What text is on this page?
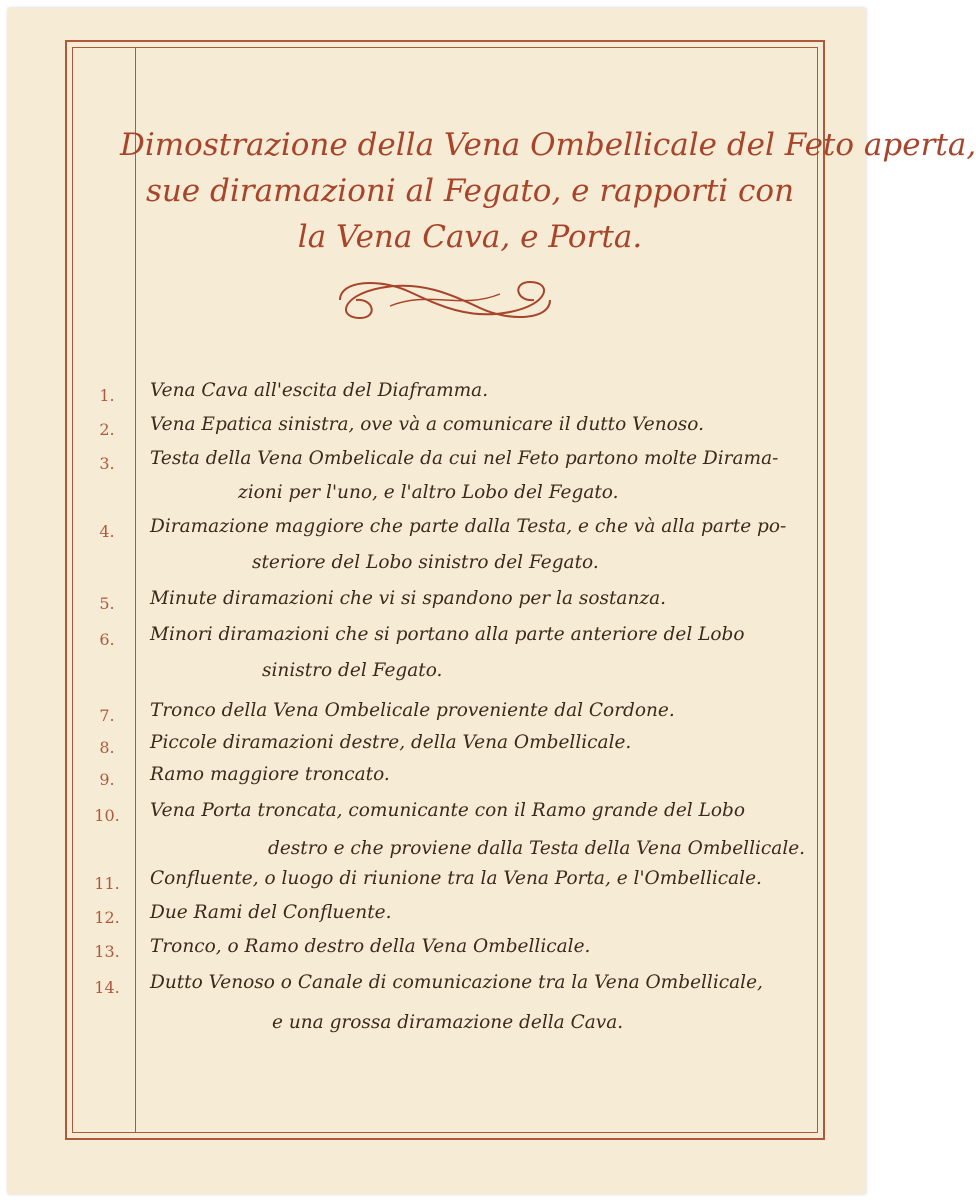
Dimostrazione della Vena Ombellicale del Feto aperta,
sue diramazioni al Fegato, e rapporti con
la Vena Cava, e Porta.
1.	Vena Cava all'escita del Diaframma.
2.	Vena Epatica sinistra, ove và a comunicare il dutto Venoso.
3.	Testa della Vena Ombelicale da cui nel Feto partono molte Dirama-
zioni per l'uno, e l'altro Lobo del Fegato.
4.	Diramazione maggiore che parte dalla Testa, e che và alla parte po-
steriore del Lobo sinistro del Fegato.
5.	Minute diramazioni che vi si spandono per la sostanza.
6.	Minori diramazioni che si portano alla parte anteriore del Lobo
sinistro del Fegato.
7.	Tronco della Vena Ombelicale proveniente dal Cordone.
8.	Piccole diramazioni destre, della Vena Ombellicale.
9.	Ramo maggiore troncato.
10.	Vena Porta troncata, comunicante con il Ramo grande del Lobo
destro e che proviene dalla Testa della Vena Ombellicale.
11.	Confluente, o luogo di riunione tra la Vena Porta, e l'Ombellicale.
12.	Due Rami del Confluente.
13.	Tronco, o Ramo destro della Vena Ombellicale.
14.	Dutto Venoso o Canale di comunicazione tra la Vena Ombellicale,
e una grossa diramazione della Cava.
